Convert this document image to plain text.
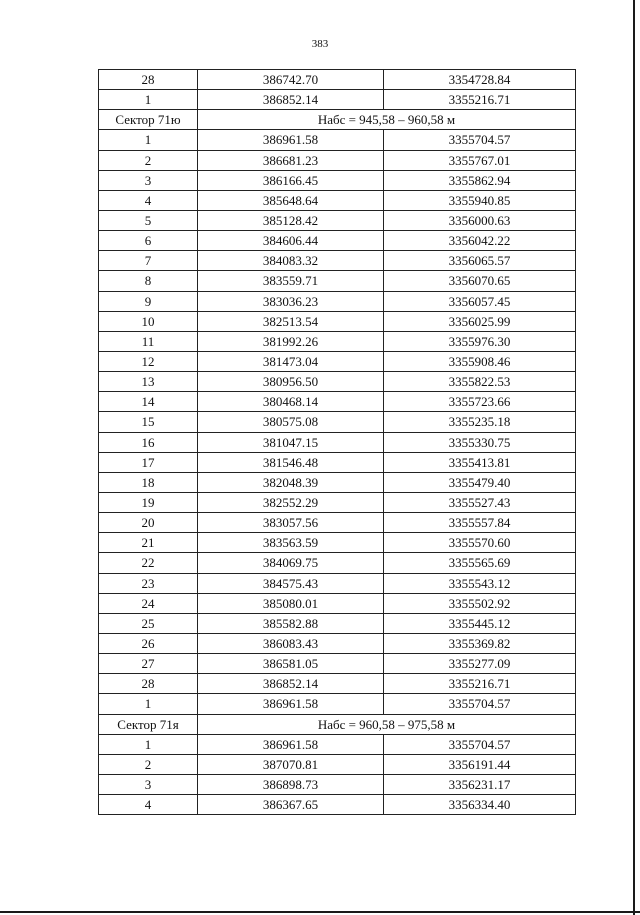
383
28	386742.70	3354728.84
1	386852.14	3355216.71
Сектор 71ю	Набс = 945,58 – 960,58 м	
1	386961.58	3355704.57
2	386681.23	3355767.01
3	386166.45	3355862.94
4	385648.64	3355940.85
5	385128.42	3356000.63
6	384606.44	3356042.22
7	384083.32	3356065.57
8	383559.71	3356070.65
9	383036.23	3356057.45
10	382513.54	3356025.99
11	381992.26	3355976.30
12	381473.04	3355908.46
13	380956.50	3355822.53
14	380468.14	3355723.66
15	380575.08	3355235.18
16	381047.15	3355330.75
17	381546.48	3355413.81
18	382048.39	3355479.40
19	382552.29	3355527.43
20	383057.56	3355557.84
21	383563.59	3355570.60
22	384069.75	3355565.69
23	384575.43	3355543.12
24	385080.01	3355502.92
25	385582.88	3355445.12
26	386083.43	3355369.82
27	386581.05	3355277.09
28	386852.14	3355216.71
1	386961.58	3355704.57
Сектор 71я	Набс = 960,58 – 975,58 м	
1	386961.58	3355704.57
2	387070.81	3356191.44
3	386898.73	3356231.17
4	386367.65	3356334.40
